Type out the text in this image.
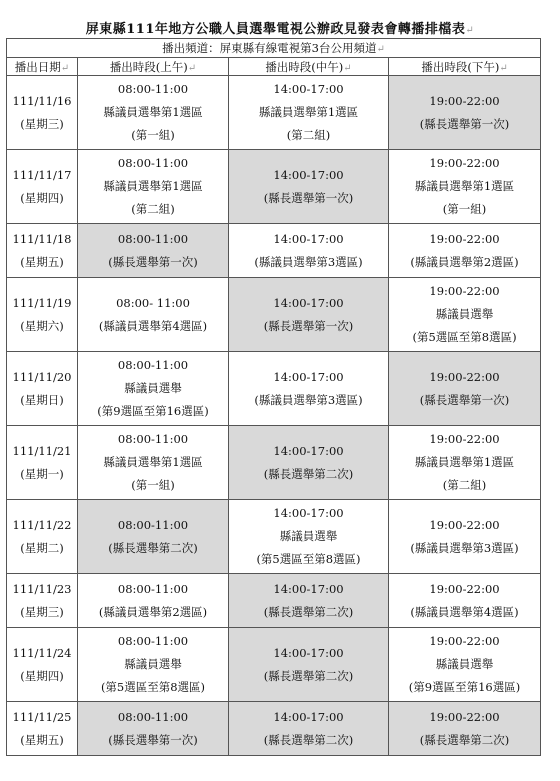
屏東縣111年地方公職人員選舉電視公辦政見發表會轉播排檔表↵
播出頻道：屏東縣有線電視第3台公用頻道↵			
播出日期↵	播出時段(上午)↵	播出時段(中午)↵	播出時段(下午)↵

111/11/16
(星期三)	08:00-11:00
縣議員選舉第1選區
(第一組)	14:00-17:00
縣議員選舉第1選區
(第二組)	19:00-22:00
(縣長選舉第一次)

111/11/17
(星期四)	08:00-11:00
縣議員選舉第1選區
(第二組)	14:00-17:00
(縣長選舉第一次)	19:00-22:00
縣議員選舉第1選區
(第一組)

111/11/18
(星期五)	08:00-11:00
(縣長選舉第一次)	14:00-17:00
(縣議員選舉第3選區)	19:00-22:00
(縣議員選舉第2選區)

111/11/19
(星期六)	08:00- 11:00
(縣議員選舉第4選區)	14:00-17:00
(縣長選舉第一次)	19:00-22:00
縣議員選舉
(第5選區至第8選區)

111/11/20
(星期日)	08:00-11:00
縣議員選舉
(第9選區至第16選區)	14:00-17:00
(縣議員選舉第3選區)	19:00-22:00
(縣長選舉第一次)

111/11/21
(星期一)	08:00-11:00
縣議員選舉第1選區
(第一組)	14:00-17:00
(縣長選舉第二次)	19:00-22:00
縣議員選舉第1選區
(第二組)

111/11/22
(星期二)	08:00-11:00
(縣長選舉第二次)	14:00-17:00
縣議員選舉
(第5選區至第8選區)	19:00-22:00
(縣議員選舉第3選區)

111/11/23
(星期三)	08:00-11:00
(縣議員選舉第2選區)	14:00-17:00
(縣長選舉第二次)	19:00-22:00
(縣議員選舉第4選區)

111/11/24
(星期四)	08:00-11:00
縣議員選舉
(第5選區至第8選區)	14:00-17:00
(縣長選舉第二次)	19:00-22:00
縣議員選舉
(第9選區至第16選區)

111/11/25
(星期五)	08:00-11:00
(縣長選舉第一次)	14:00-17:00
(縣長選舉第二次)	19:00-22:00
(縣長選舉第二次)
